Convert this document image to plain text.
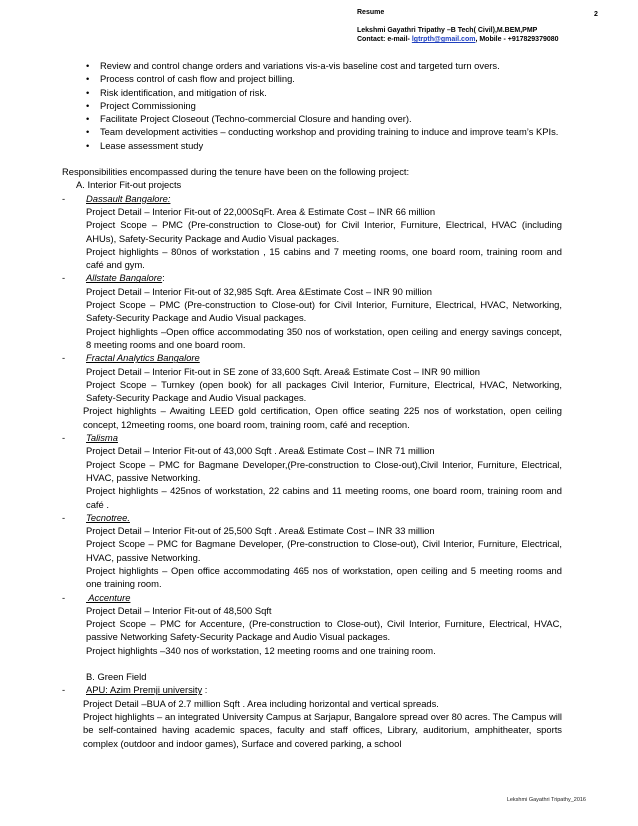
Resume	2
Lekshmi Gayathri Tripathy –B Tech( Civil),M.BEM,PMP
Contact: e-mail- lgtrpth@gmail.com, Mobile - +917829379080
•	Review and control change orders and variations vis-a-vis baseline cost and targeted turn overs.
•	Process control of cash flow and project billing.
•	Risk identification, and mitigation of risk.
•	Project Commissioning
•	Facilitate Project Closeout (Techno-commercial Closure and handing over).
•	Team development activities – conducting workshop and providing training to induce and improve team’s KPIs.
•	Lease assessment study
Responsibilities encompassed during the tenure have been on the following project:
A. Interior Fit-out projects
-	Dassault Bangalore:
Project Detail – Interior Fit-out of 22,000SqFt. Area & Estimate Cost – INR 66 million
Project Scope – PMC (Pre-construction to Close-out) for Civil Interior, Furniture, Electrical, HVAC (including AHUs), Safety-Security Package and Audio Visual packages.
Project highlights – 80nos of workstation , 15 cabins and 7 meeting rooms, one board room, training room and café and gym.
-	Allstate Bangalore:
Project Detail – Interior Fit-out of 32,985 Sqft. Area &Estimate Cost – INR 90 million
Project Scope – PMC (Pre-construction to Close-out) for Civil Interior, Furniture, Electrical, HVAC, Networking, Safety-Security Package and Audio Visual packages.
Project highlights –Open office accommodating 350 nos of workstation, open ceiling and energy savings concept, 8 meeting rooms and one board room.
-	Fractal Analytics Bangalore
Project Detail – Interior Fit-out in SE zone of 33,600 Sqft. Area& Estimate Cost – INR 90 million
Project Scope – Turnkey (open book) for all packages Civil Interior, Furniture, Electrical, HVAC, Networking, Safety-Security Package and Audio Visual packages.
Project highlights – Awaiting LEED gold certification, Open office seating 225 nos of workstation, open ceiling concept, 12meeting rooms, one board room, training room, café and reception.
-	Talisma
Project Detail – Interior Fit-out of 43,000 Sqft . Area& Estimate Cost – INR 71 million
Project Scope – PMC for Bagmane Developer,(Pre-construction to Close-out),Civil Interior, Furniture, Electrical, HVAC, passive Networking.
Project highlights – 425nos of workstation, 22 cabins and 11 meeting rooms, one board room, training room and café .
-	Tecnotree.
Project Detail – Interior Fit-out of 25,500 Sqft . Area& Estimate Cost – INR 33 million
Project Scope – PMC for Bagmane Developer, (Pre-construction to Close-out), Civil Interior, Furniture, Electrical, HVAC, passive Networking.
Project highlights – Open office accommodating 465 nos of workstation, open ceiling and 5 meeting rooms and one training room.
-	Accenture
Project Detail – Interior Fit-out of 48,500 Sqft
Project Scope – PMC for Accenture, (Pre-construction to Close-out), Civil Interior, Furniture, Electrical, HVAC, passive Networking Safety-Security Package and Audio Visual packages.
Project highlights –340 nos of workstation, 12 meeting rooms and one training room.
B. Green Field
-	APU: Azim Premji university :
Project Detail –BUA of 2.7 million Sqft . Area including horizontal and vertical spreads.
Project highlights – an integrated University Campus at Sarjapur, Bangalore spread over 80 acres. The Campus will be self-contained having academic spaces, faculty and staff offices, Library, auditorium, amphitheater, sports complex (outdoor and indoor games), Surface and covered parking, a school
Lekshmi Gayathri Tripathy_2016
